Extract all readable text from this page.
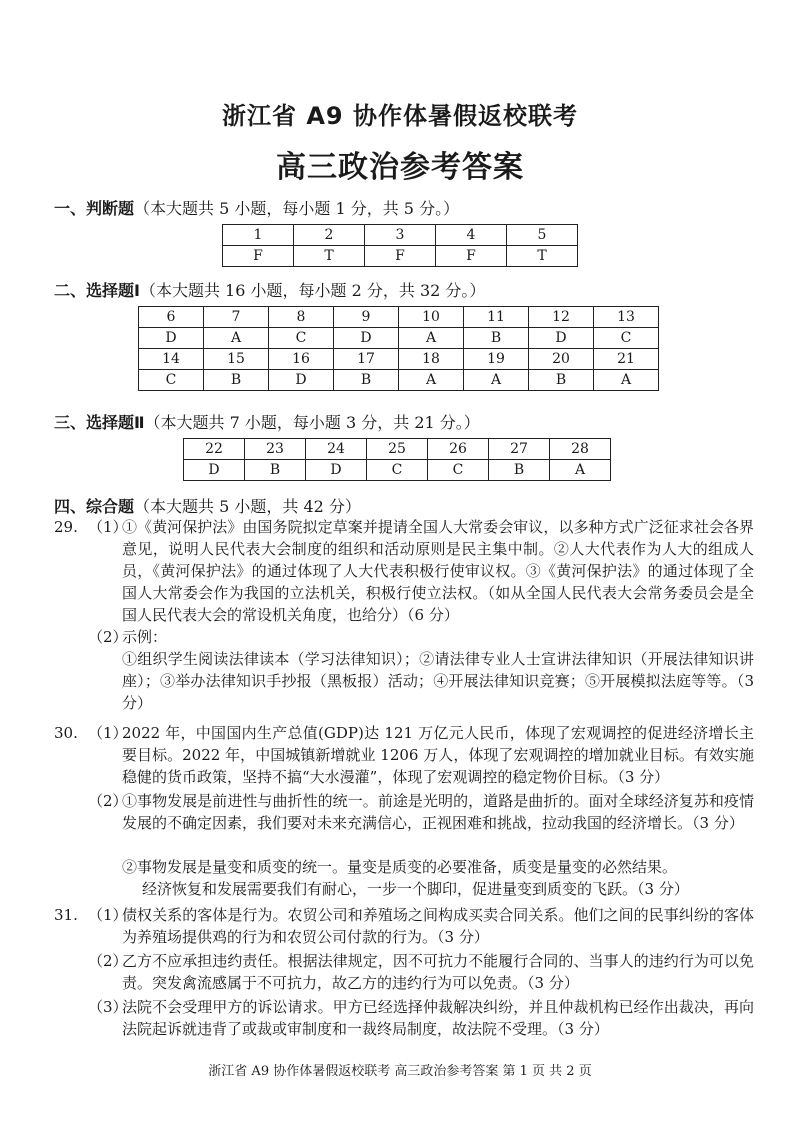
浙江省 A9 协作体暑假返校联考
高三政治参考答案
一、判断题（本大题共 5 小题，每小题 1 分，共 5 分。）
1	2	3	4	5
F	T	F	F	T
二、选择题Ⅰ（本大题共 16 小题，每小题 2 分，共 32 分。）
6	7	8	9	10	11	12	13
D	A	C	D	A	B	D	C
14	15	16	17	18	19	20	21
C	B	D	B	A	A	B	A
三、选择题Ⅱ（本大题共 7 小题，每小题 3 分，共 21 分。）
22	23	24	25	26	27	28
D	B	D	C	C	B	A
四、综合题（本大题共 5 小题，共 42 分）
29. （1）
①《黄河保护法》由国务院拟定草案并提请全国人大常委会审议，以多种方式广泛征求社会各界意见，说明人民代表大会制度的组织和活动原则是民主集中制。②人大代表作为人大的组成人员，《黄河保护法》的通过体现了人大代表积极行使审议权。③《黄河保护法》的通过体现了全国人大常委会作为我国的立法机关，积极行使立法权。（如从全国人民代表大会常务委员会是全国人民代表大会的常设机关角度，也给分）（6 分）
（2）
示例：
①组织学生阅读法律读本（学习法律知识）；②请法律专业人士宣讲法律知识（开展法律知识讲座）；③举办法律知识手抄报（黑板报）活动；④开展法律知识竞赛；⑤开展模拟法庭等等。（3 分）
30. （1）
2022 年，中国国内生产总值(GDP)达 121 万亿元人民币，体现了宏观调控的促进经济增长主要目标。2022 年，中国城镇新增就业 1206 万人，体现了宏观调控的增加就业目标。有效实施稳健的货币政策，坚持不搞“大水漫灌”，体现了宏观调控的稳定物价目标。（3 分）
（2）
①事物发展是前进性与曲折性的统一。前途是光明的，道路是曲折的。面对全球经济复苏和疫情发展的不确定因素，我们要对未来充满信心，正视困难和挑战，拉动我国的经济增长。（3 分）
②事物发展是量变和质变的统一。量变是质变的必要准备，质变是量变的必然结果。
经济恢复和发展需要我们有耐心，一步一个脚印，促进量变到质变的飞跃。（3 分）
31. （1）
债权关系的客体是行为。农贸公司和养殖场之间构成买卖合同关系。他们之间的民事纠纷的客体为养殖场提供鸡的行为和农贸公司付款的行为。（3 分）
（2）
乙方不应承担违约责任。根据法律规定，因不可抗力不能履行合同的、当事人的违约行为可以免责。突发禽流感属于不可抗力，故乙方的违约行为可以免责。（3 分）
（3）
法院不会受理甲方的诉讼请求。甲方已经选择仲裁解决纠纷，并且仲裁机构已经作出裁决，再向法院起诉就违背了或裁或审制度和一裁终局制度，故法院不受理。（3 分）
浙江省 A9 协作体暑假返校联考 高三政治参考答案 第 1 页 共 2 页
